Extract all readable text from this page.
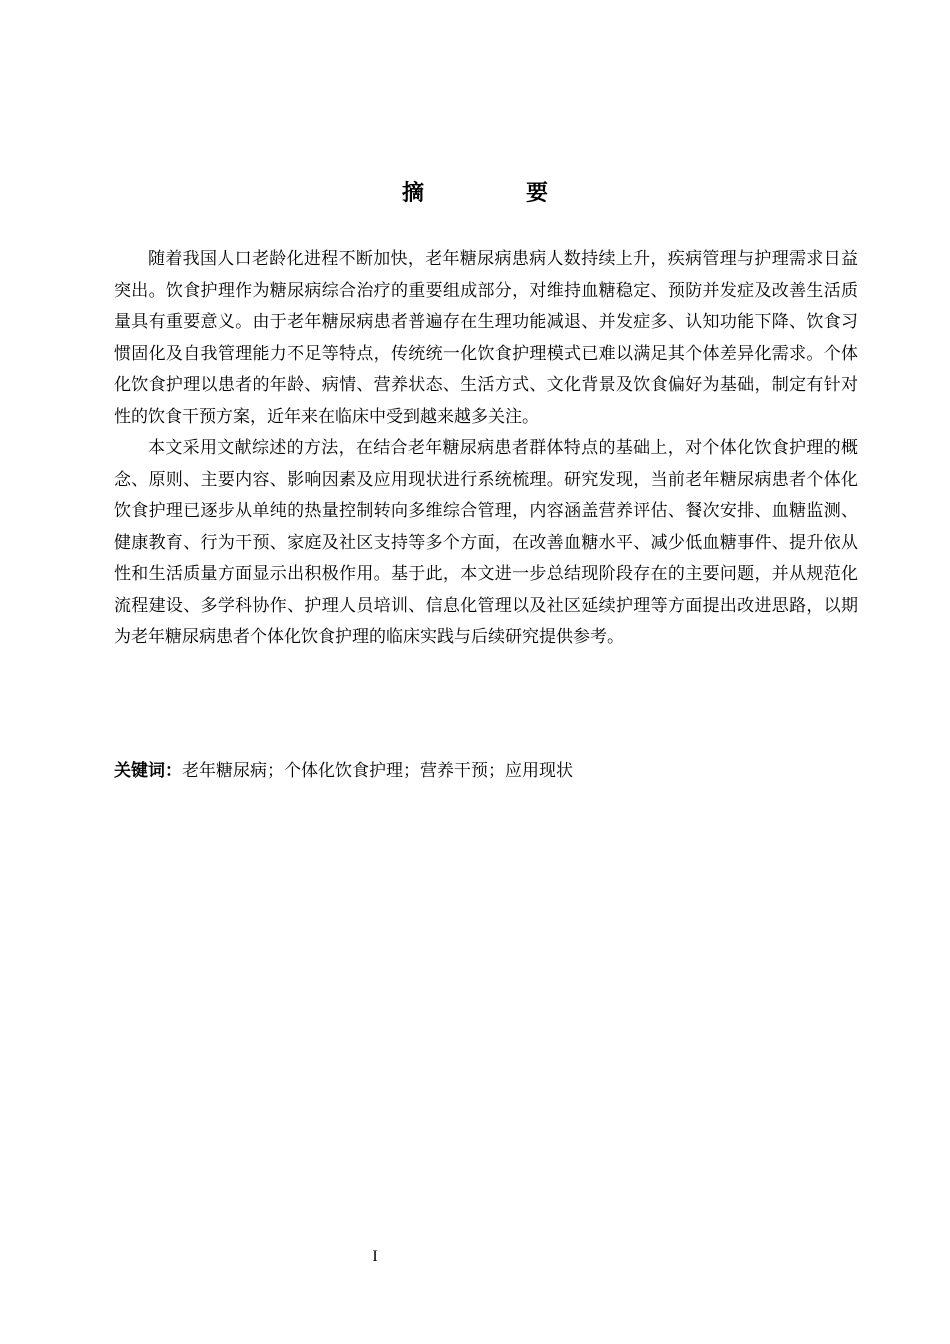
摘　要

随着我国人口老龄化进程不断加快，老年糖尿病患病人数持续上升，疾病管理与护理需求日益突出。饮食护理作为糖尿病综合治疗的重要组成部分，对维持血糖稳定、预防并发症及改善生活质量具有重要意义。由于老年糖尿病患者普遍存在生理功能减退、并发症多、认知功能下降、饮食习惯固化及自我管理能力不足等特点，传统统一化饮食护理模式已难以满足其个体差异化需求。个体化饮食护理以患者的年龄、病情、营养状态、生活方式、文化背景及饮食偏好为基础，制定有针对性的饮食干预方案，近年来在临床中受到越来越多关注。

本文采用文献综述的方法，在结合老年糖尿病患者群体特点的基础上，对个体化饮食护理的概念、原则、主要内容、影响因素及应用现状进行系统梳理。研究发现，当前老年糖尿病患者个体化饮食护理已逐步从单纯的热量控制转向多维综合管理，内容涵盖营养评估、餐次安排、血糖监测、健康教育、行为干预、家庭及社区支持等多个方面，在改善血糖水平、减少低血糖事件、提升依从性和生活质量方面显示出积极作用。基于此，本文进一步总结现阶段存在的主要问题，并从规范化流程建设、多学科协作、护理人员培训、信息化管理以及社区延续护理等方面提出改进思路，以期为老年糖尿病患者个体化饮食护理的临床实践与后续研究提供参考。

关键词：老年糖尿病；个体化饮食护理；营养干预；应用现状
I
